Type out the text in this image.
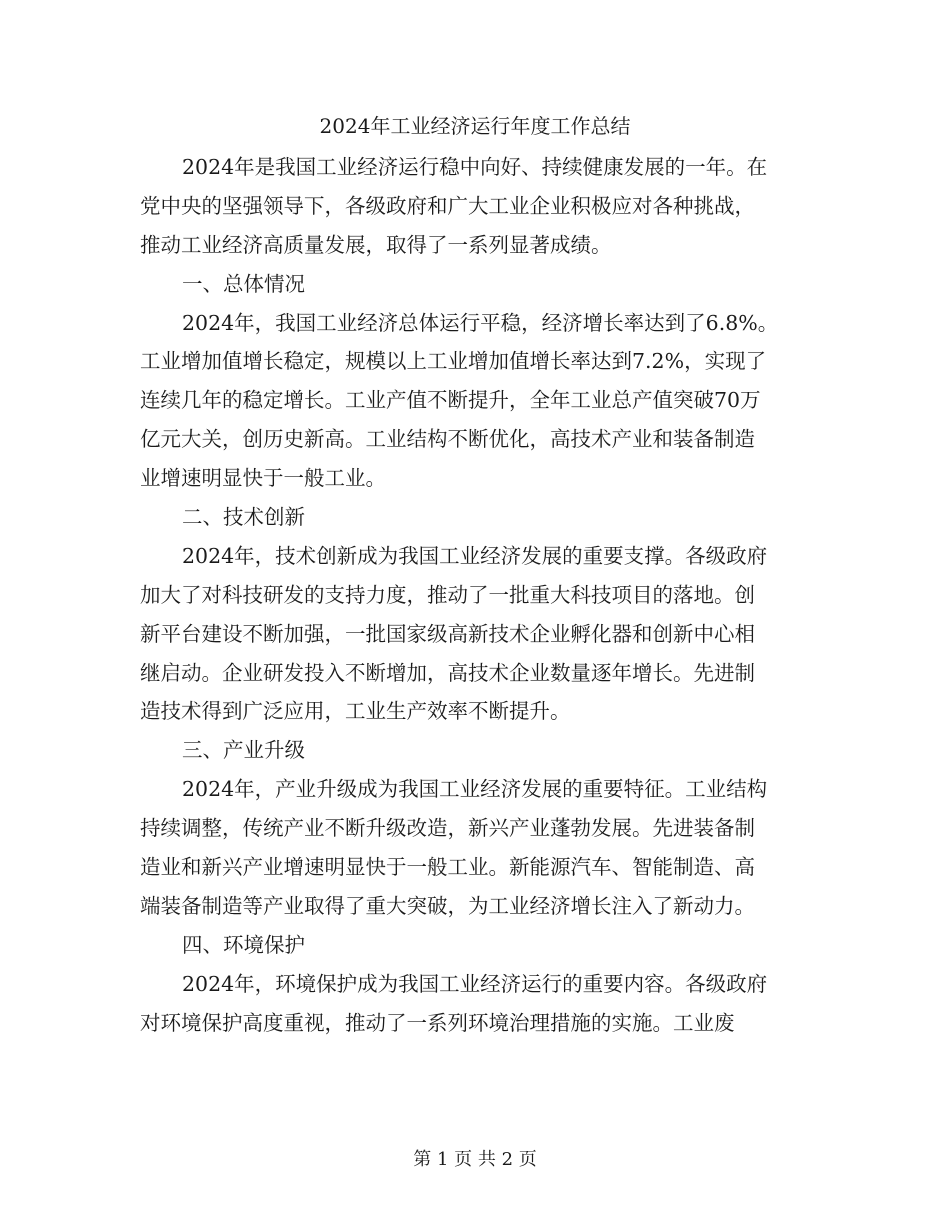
2024年工业经济运行年度工作总结
2024年是我国工业经济运行稳中向好、持续健康发展的一年。在
党中央的坚强领导下，各级政府和广大工业企业积极应对各种挑战，
推动工业经济高质量发展，取得了一系列显著成绩。
一、总体情况
2024年，我国工业经济总体运行平稳，经济增长率达到了6.8%。
工业增加值增长稳定，规模以上工业增加值增长率达到7.2%，实现了
连续几年的稳定增长。工业产值不断提升，全年工业总产值突破70万
亿元大关，创历史新高。工业结构不断优化，高技术产业和装备制造
业增速明显快于一般工业。
二、技术创新
2024年，技术创新成为我国工业经济发展的重要支撑。各级政府
加大了对科技研发的支持力度，推动了一批重大科技项目的落地。创
新平台建设不断加强，一批国家级高新技术企业孵化器和创新中心相
继启动。企业研发投入不断增加，高技术企业数量逐年增长。先进制
造技术得到广泛应用，工业生产效率不断提升。
三、产业升级
2024年，产业升级成为我国工业经济发展的重要特征。工业结构
持续调整，传统产业不断升级改造，新兴产业蓬勃发展。先进装备制
造业和新兴产业增速明显快于一般工业。新能源汽车、智能制造、高
端装备制造等产业取得了重大突破，为工业经济增长注入了新动力。
四、环境保护
2024年，环境保护成为我国工业经济运行的重要内容。各级政府
对环境保护高度重视，推动了一系列环境治理措施的实施。工业废
第 1 页 共 2 页
